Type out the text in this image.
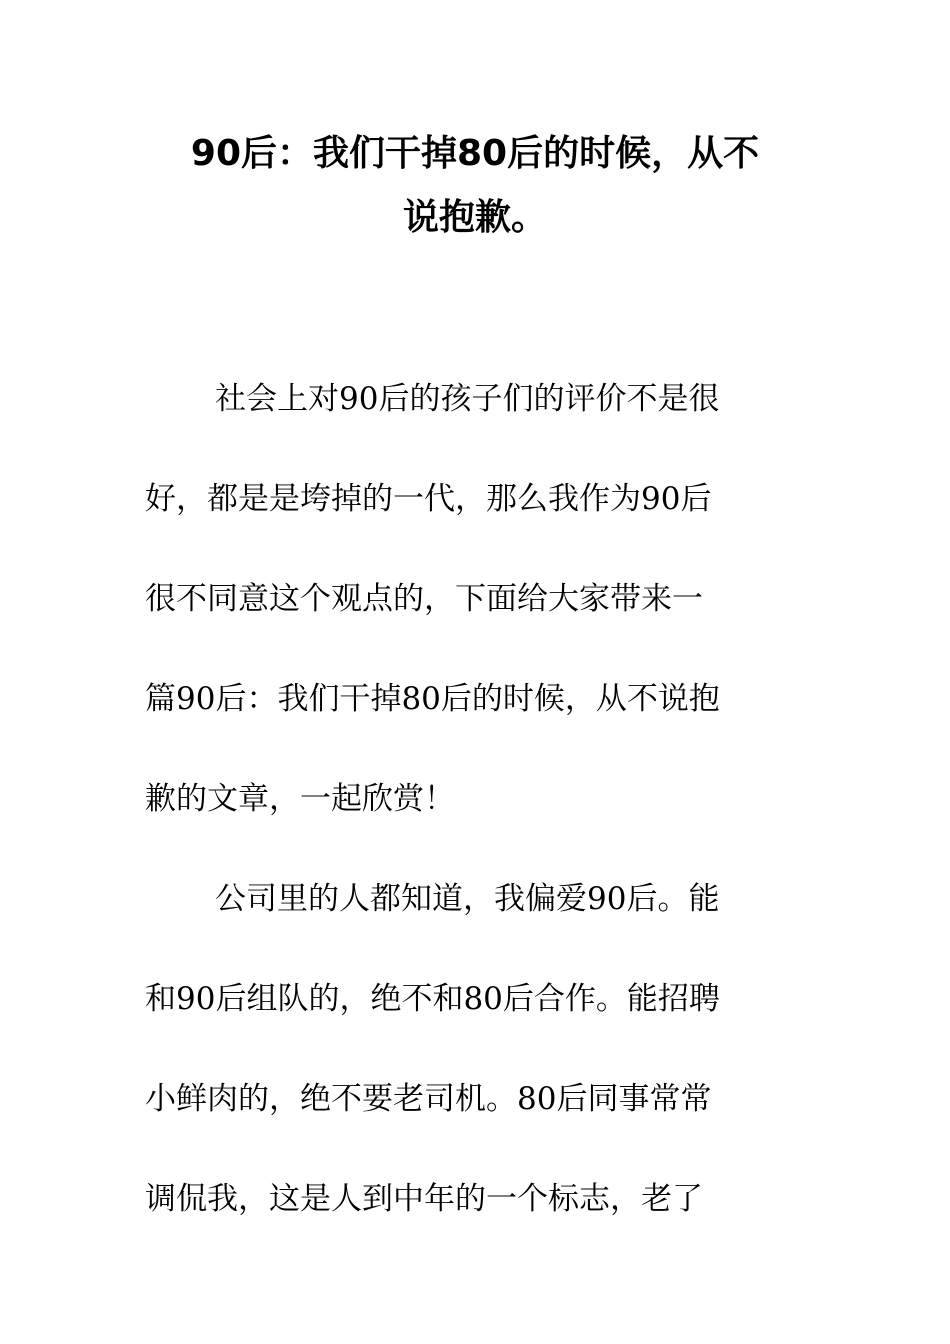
90后：我们干掉80后的时候，从不
说抱歉。

社会上对90后的孩子们的评价不是很

好，都是是垮掉的一代，那么我作为90后

很不同意这个观点的，下面给大家带来一

篇90后：我们干掉80后的时候，从不说抱

歉的文章，一起欣赏！

公司里的人都知道，我偏爱90后。能

和90后组队的，绝不和80后合作。能招聘

小鲜肉的，绝不要老司机。80后同事常常

调侃我，这是人到中年的一个标志，老了
